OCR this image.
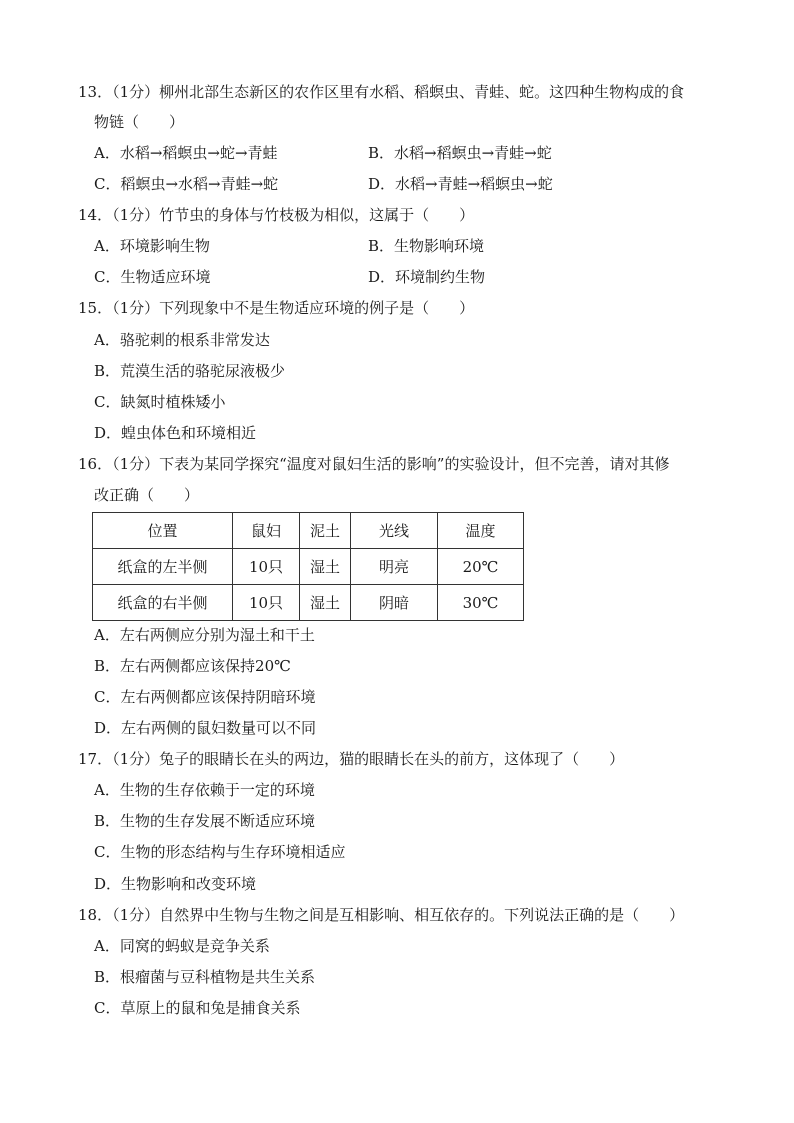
13．（1分）柳州北部生态新区的农作区里有水稻、稻螟虫、青蛙、蛇。这四种生物构成的食
物链（　　）
A．水稻→稻螟虫→蛇→青蛙	B．水稻→稻螟虫→青蛙→蛇
C．稻螟虫→水稻→青蛙→蛇	D．水稻→青蛙→稻螟虫→蛇
14．（1分）竹节虫的身体与竹枝极为相似，这属于（　　）
A．环境影响生物	B．生物影响环境
C．生物适应环境	D．环境制约生物
15．（1分）下列现象中不是生物适应环境的例子是（　　）
A．骆驼刺的根系非常发达
B．荒漠生活的骆驼尿液极少
C．缺氮时植株矮小
D．蝗虫体色和环境相近
16．（1分）下表为某同学探究“温度对鼠妇生活的影响”的实验设计，但不完善，请对其修
改正确（　　）
位置	鼠妇	泥土	光线	温度
纸盒的左半侧	10只	湿土	明亮	20℃
纸盒的右半侧	10只	湿土	阴暗	30℃
A．左右两侧应分别为湿土和干土
B．左右两侧都应该保持20℃
C．左右两侧都应该保持阴暗环境
D．左右两侧的鼠妇数量可以不同
17．（1分）兔子的眼睛长在头的两边，猫的眼睛长在头的前方，这体现了（　　）
A．生物的生存依赖于一定的环境
B．生物的生存发展不断适应环境
C．生物的形态结构与生存环境相适应
D．生物影响和改变环境
18．（1分）自然界中生物与生物之间是互相影响、相互依存的。下列说法正确的是（　　）
A．同窝的蚂蚁是竞争关系
B．根瘤菌与豆科植物是共生关系
C．草原上的鼠和兔是捕食关系
